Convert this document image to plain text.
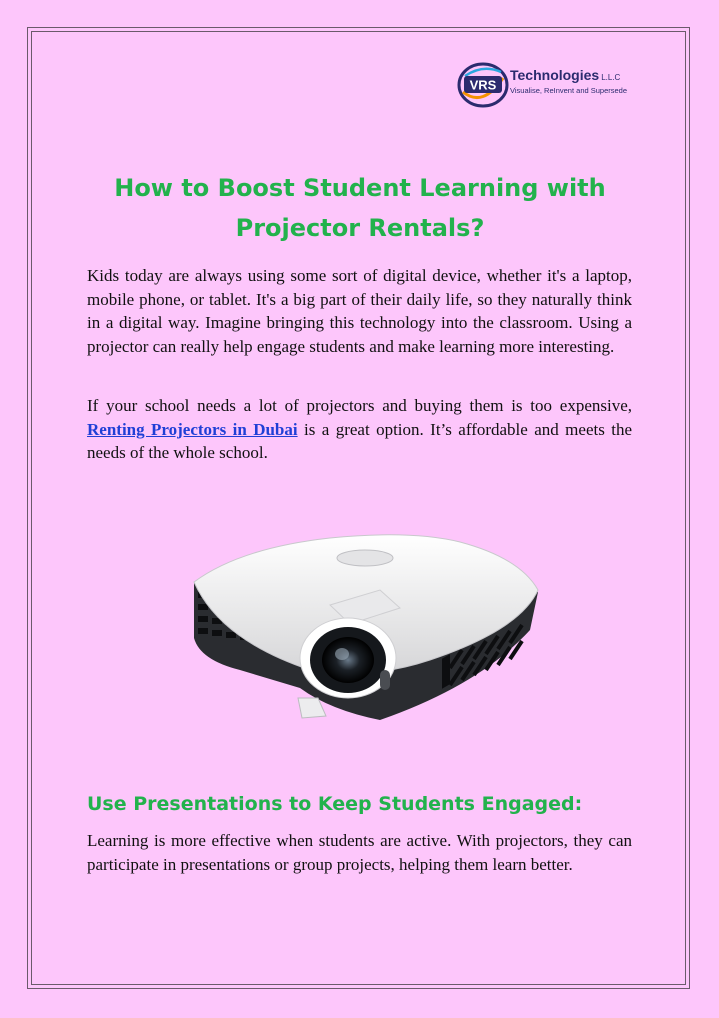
VRS
Technologies L.L.C
Visualise, ReInvent and Supersede
How to Boost Student Learning with
Projector Rentals?

Kids today are always using some sort of digital device, whether it's a laptop, mobile phone, or tablet. It's a big part of their daily life, so they naturally think in a digital way. Imagine bringing this technology into the classroom. Using a projector can really help engage students and make learning more interesting.

If your school needs a lot of projectors and buying them is too expensive, Renting Projectors in Dubai is a great option. It’s affordable and meets the needs of the whole school.

Use Presentations to Keep Students Engaged:

Learning is more effective when students are active. With projectors, they can participate in presentations or group projects, helping them learn better.
